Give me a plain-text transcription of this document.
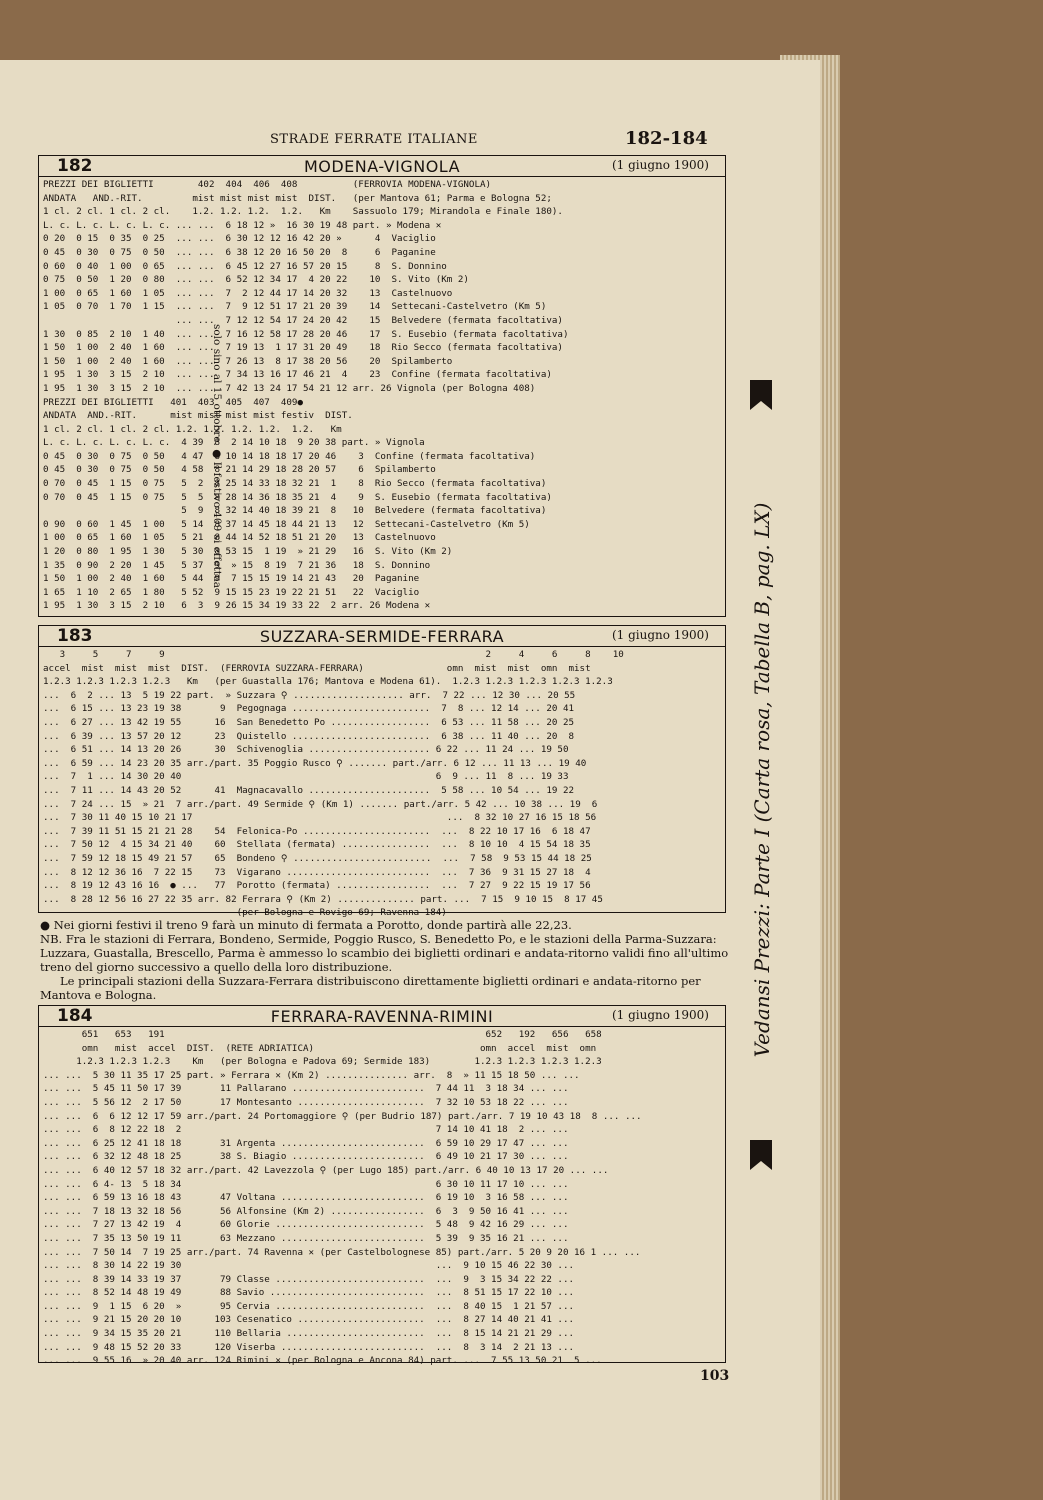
STRADE FERRATE ITALIANE	182-184
182	MODENA-VIGNOLA	(1 giugno 1900)
PREZZI DEI BIGLIETTI        402  404  406  408          (FERROVIA MODENA-VIGNOLA)
ANDATA   AND.-RIT.         mist mist mist mist  DIST.   (per Mantova 61; Parma e Bologna 52;
1 cl. 2 cl. 1 cl. 2 cl.    1.2. 1.2. 1.2.  1.2.   Km    Sassuolo 179; Mirandola e Finale 180).
L. c. L. c. L. c. L. c. ... ...  6 18 12 »  16 30 19 48 part. » Modena ✕
0 20  0 15  0 35  0 25  ... ...  6 30 12 12 16 42 20 »      4  Vaciglio
0 45  0 30  0 75  0 50  ... ...  6 38 12 20 16 50 20  8     6  Paganine
0 60  0 40  1 00  0 65  ... ...  6 45 12 27 16 57 20 15     8  S. Donnino
0 75  0 50  1 20  0 80  ... ...  6 52 12 34 17  4 20 22    10  S. Vito (Km 2)
1 00  0 65  1 60  1 05  ... ...  7  2 12 44 17 14 20 32    13  Castelnuovo
1 05  0 70  1 70  1 15  ... ...  7  9 12 51 17 21 20 39    14  Settecani-Castelvetro (Km 5)
... ...  7 12 12 54 17 24 20 42    15  Belvedere (fermata facoltativa)
1 30  0 85  2 10  1 40  ... ...  7 16 12 58 17 28 20 46    17  S. Eusebio (fermata facoltativa)
1 50  1 00  2 40  1 60  ... ...  7 19 13  1 17 31 20 49    18  Rio Secco (fermata facoltativa)
1 50  1 00  2 40  1 60  ... ...  7 26 13  8 17 38 20 56    20  Spilamberto
1 95  1 30  3 15  2 10  ... ...  7 34 13 16 17 46 21  4    23  Confine (fermata facoltativa)
1 95  1 30  3 15  2 10  ... ...  7 42 13 24 17 54 21 12 arr. 26 Vignola (per Bologna 408)
PREZZI DEI BIGLIETTI   401  403  405  407  409●
ANDATA  AND.-RIT.      mist mist mist mist festiv  DIST.
1 cl. 2 cl. 1 cl. 2 cl. 1.2. 1.2. 1.2. 1.2.  1.2.   Km
L. c. L. c. L. c. L. c.  4 39  8  2 14 10 18  9 20 38 part. » Vignola
0 45  0 30  0 75  0 50   4 47  8 10 14 18 18 17 20 46    3  Confine (fermata facoltativa)
0 45  0 30  0 75  0 50   4 58  8 21 14 29 18 28 20 57    6  Spilamberto
0 70  0 45  1 15  0 75   5  2  8 25 14 33 18 32 21  1    8  Rio Secco (fermata facoltativa)
0 70  0 45  1 15  0 75   5  5  8 28 14 36 18 35 21  4    9  S. Eusebio (fermata facoltativa)
5  9  8 32 14 40 18 39 21  8   10  Belvedere (fermata facoltativa)
0 90  0 60  1 45  1 00   5 14  8 37 14 45 18 44 21 13   12  Settecani-Castelvetro (Km 5)
1 00  0 65  1 60  1 05   5 21  8 44 14 52 18 51 21 20   13  Castelnuovo
1 20  0 80  1 95  1 30   5 30  8 53 15  1 19  » 21 29   16  S. Vito (Km 2)
1 35  0 90  2 20  1 45   5 37  9  » 15  8 19  7 21 36   18  S. Donnino
1 50  1 00  2 40  1 60   5 44  9  7 15 15 19 14 21 43   20  Paganine
1 65  1 10  2 65  1 80   5 52  9 15 15 23 19 22 21 51   22  Vaciglio
1 95  1 30  3 15  2 10   6  3  9 26 15 34 19 33 22  2 arr. 26 Modena ✕
solo sino al 15 ottobre. ● Il festivo 409 si effettua
183	SUZZARA-SERMIDE-FERRARA	(1 giugno 1900)
3     5     7     9                                                          2     4     6     8    10
accel  mist  mist  mist  DIST.  (FERROVIA SUZZARA-FERRARA)               omn  mist  mist  omn  mist
1.2.3 1.2.3 1.2.3 1.2.3   Km   (per Guastalla 176; Mantova e Modena 61).  1.2.3 1.2.3 1.2.3 1.2.3 1.2.3
...  6  2 ... 13  5 19 22 part.  » Suzzara ⚲ .................... arr.  7 22 ... 12 30 ... 20 55
...  6 15 ... 13 23 19 38       9  Pegognaga .........................  7  8 ... 12 14 ... 20 41
...  6 27 ... 13 42 19 55      16  San Benedetto Po ..................  6 53 ... 11 58 ... 20 25
...  6 39 ... 13 57 20 12      23  Quistello .........................  6 38 ... 11 40 ... 20  8
...  6 51 ... 14 13 20 26      30  Schivenoglia ...................... 6 22 ... 11 24 ... 19 50
...  6 59 ... 14 23 20 35 arr./part. 35 Poggio Rusco ⚲ ....... part./arr. 6 12 ... 11 13 ... 19 40
...  7  1 ... 14 30 20 40                                              6  9 ... 11  8 ... 19 33
...  7 11 ... 14 43 20 52      41  Magnacavallo ......................  5 58 ... 10 54 ... 19 22
...  7 24 ... 15  » 21  7 arr./part. 49 Sermide ⚲ (Km 1) ....... part./arr. 5 42 ... 10 38 ... 19  6
...  7 30 11 40 15 10 21 17                                              ...  8 32 10 27 16 15 18 56
...  7 39 11 51 15 21 21 28    54  Felonica-Po .......................  ...  8 22 10 17 16  6 18 47
...  7 50 12  4 15 34 21 40    60  Stellata (fermata) ................  ...  8 10 10  4 15 54 18 35
...  7 59 12 18 15 49 21 57    65  Bondeno ⚲ .........................  ...  7 58  9 53 15 44 18 25
...  8 12 12 36 16  7 22 15    73  Vigarano ..........................  ...  7 36  9 31 15 27 18  4
...  8 19 12 43 16 16  ● ...   77  Porotto (fermata) .................  ...  7 27  9 22 15 19 17 56
...  8 28 12 56 16 27 22 35 arr. 82 Ferrara ⚲ (Km 2) .............. part. ...  7 15  9 10 15  8 17 45
(per Bologna e Rovigo 69; Ravenna 184)

● Nei giorni festivi il treno 9 farà un minuto di fermata a Porotto, donde partirà alle 22,23.

NB. Fra le stazioni di Ferrara, Bondeno, Sermide, Poggio Rusco, S. Benedetto Po, e le stazioni della Parma-Suzzara: Luzzara, Guastalla, Brescello, Parma è ammesso lo scambio dei biglietti ordinari e andata-ritorno validi fino all'ultimo treno del giorno successivo a quello della loro distribuzione.

Le principali stazioni della Suzzara-Ferrara distribuiscono direttamente biglietti ordinari e andata-ritorno per Mantova e Bologna.

184	FERRARA-RAVENNA-RIMINI	(1 giugno 1900)
651   653   191                                                          652   192   656   658
omn   mist  accel  DIST.  (RETE ADRIATICA)                              omn  accel  mist  omn
1.2.3 1.2.3 1.2.3    Km   (per Bologna e Padova 69; Sermide 183)        1.2.3 1.2.3 1.2.3 1.2.3
... ...  5 30 11 35 17 25 part. » Ferrara ✕ (Km 2) ............... arr.  8  » 11 15 18 50 ... ...
... ...  5 45 11 50 17 39       11 Pallarano ........................  7 44 11  3 18 34 ... ...
... ...  5 56 12  2 17 50       17 Montesanto .......................  7 32 10 53 18 22 ... ...
... ...  6  6 12 12 17 59 arr./part. 24 Portomaggiore ⚲ (per Budrio 187) part./arr. 7 19 10 43 18  8 ... ...
... ...  6  8 12 22 18  2                                              7 14 10 41 18  2 ... ...
... ...  6 25 12 41 18 18       31 Argenta ..........................  6 59 10 29 17 47 ... ...
... ...  6 32 12 48 18 25       38 S. Biagio ........................  6 49 10 21 17 30 ... ...
... ...  6 40 12 57 18 32 arr./part. 42 Lavezzola ⚲ (per Lugo 185) part./arr. 6 40 10 13 17 20 ... ...
... ...  6 4- 13  5 18 34                                              6 30 10 11 17 10 ... ...
... ...  6 59 13 16 18 43       47 Voltana ..........................  6 19 10  3 16 58 ... ...
... ...  7 18 13 32 18 56       56 Alfonsine (Km 2) .................  6  3  9 50 16 41 ... ...
... ...  7 27 13 42 19  4       60 Glorie ...........................  5 48  9 42 16 29 ... ...
... ...  7 35 13 50 19 11       63 Mezzano ..........................  5 39  9 35 16 21 ... ...
... ...  7 50 14  7 19 25 arr./part. 74 Ravenna ✕ (per Castelbolognese 85) part./arr. 5 20 9 20 16 1 ... ...
... ...  8 30 14 22 19 30                                              ...  9 10 15 46 22 30 ...
... ...  8 39 14 33 19 37       79 Classe ...........................  ...  9  3 15 34 22 22 ...
... ...  8 52 14 48 19 49       88 Savio ............................  ...  8 51 15 17 22 10 ...
... ...  9  1 15  6 20  »       95 Cervia ...........................  ...  8 40 15  1 21 57 ...
... ...  9 21 15 20 20 10      103 Cesenatico .......................  ...  8 27 14 40 21 41 ...
... ...  9 34 15 35 20 21      110 Bellaria .........................  ...  8 15 14 21 21 29 ...
... ...  9 48 15 52 20 33      120 Viserba ..........................  ...  8  3 14  2 21 13 ...
... ...  9 55 16  » 20 40 arr. 124 Rimini ✕ (per Bologna e Ancona 84) part. ...  7 55 13 50 21  5 ...
103
Vedansi Prezzi: Parte I (Carta rosa, Tabella B, pag. LX)
